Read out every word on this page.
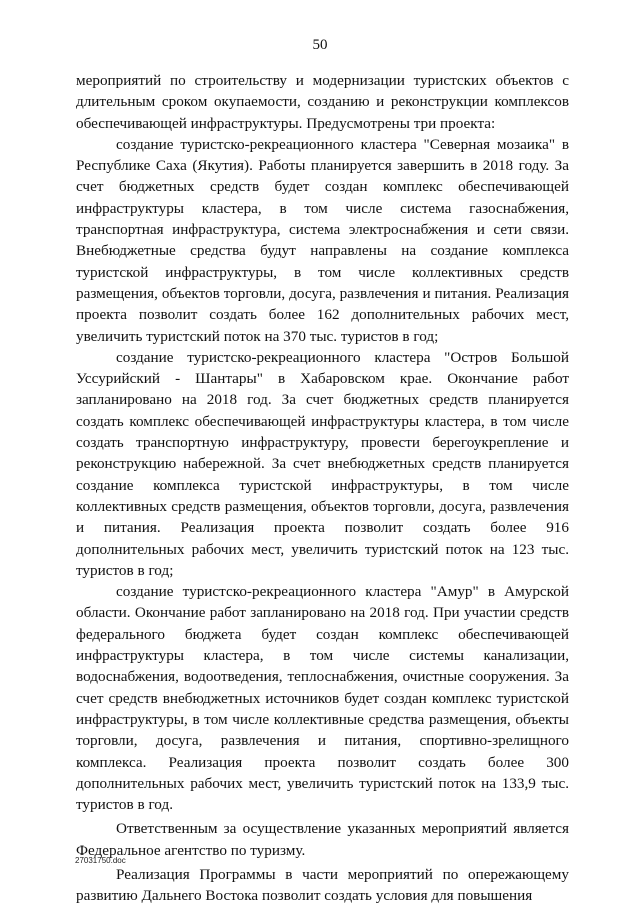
50

мероприятий по строительству и модернизации туристских объектов с длительным сроком окупаемости, созданию и реконструкции комплексов обеспечивающей инфраструктуры. Предусмотрены три проекта:

создание туристско-рекреационного кластера "Северная мозаика" в Республике Саха (Якутия). Работы планируется завершить в 2018 году. За счет бюджетных средств будет создан комплекс обеспечивающей инфраструктуры кластера, в том числе система газоснабжения, транспортная инфраструктура, система электроснабжения и сети связи. Внебюджетные средства будут направлены на создание комплекса туристской инфраструктуры, в том числе коллективных средств размещения, объектов торговли, досуга, развлечения и питания. Реализация проекта позволит создать более 162 дополнительных рабочих мест, увеличить туристский поток на 370 тыс. туристов в год;

создание туристско-рекреационного кластера "Остров Большой Уссурийский - Шантары" в Хабаровском крае. Окончание работ запланировано на 2018 год. За счет бюджетных средств планируется создать комплекс обеспечивающей инфраструктуры кластера, в том числе создать транспортную инфраструктуру, провести берегоукрепление и реконструкцию набережной. За счет внебюджетных средств планируется создание комплекса туристской инфраструктуры, в том числе коллективных средств размещения, объектов торговли, досуга, развлечения и питания. Реализация проекта позволит создать более 916 дополнительных рабочих мест, увеличить туристский поток на 123 тыс. туристов в год;

создание туристско-рекреационного кластера "Амур" в Амурской области. Окончание работ запланировано на 2018 год. При участии средств федерального бюджета будет создан комплекс обеспечивающей инфраструктуры кластера, в том числе системы канализации, водоснабжения, водоотведения, теплоснабжения, очистные сооружения. За счет средств внебюджетных источников будет создан комплекс туристской инфраструктуры, в том числе коллективные средства размещения, объекты торговли, досуга, развлечения и питания, спортивно-зрелищного комплекса. Реализация проекта позволит создать более 300 дополнительных рабочих мест, увеличить туристский поток на 133,9 тыс. туристов в год.

Ответственным за осуществление указанных мероприятий является Федеральное агентство по туризму.

Реализация Программы в части мероприятий по опережающему развитию Дальнего Востока позволит создать условия для повышения

27031750.doc
